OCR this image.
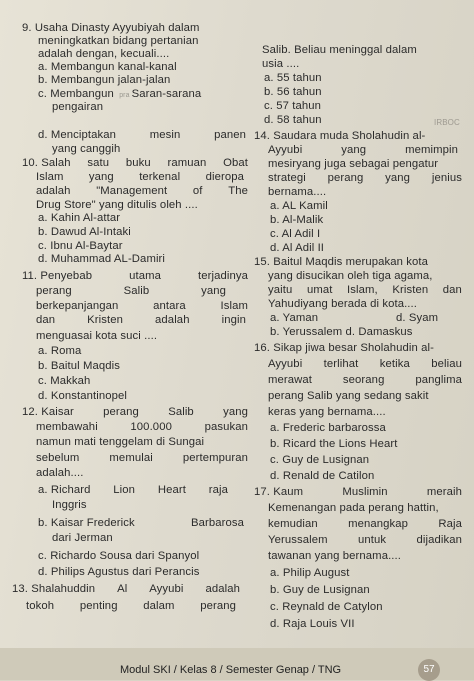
9. Usaha Dinasty Ayyubiyah dalam
meningkatkan bidang pertanian
adalah dengan, kecuali....
a. Membangun kanal-kanal
b. Membangun jalan-jalan
c. Membangun pra Saran-sarana
pengairan
d. Menciptakan	mesin	panen
yang canggih
10. Salah satu buku ramuan Obat
Islam yang terkenal dieropa
adalah "Management of The
Drug Store" yang ditulis oleh ....
a. Kahin Al-attar
b. Dawud Al-Intaki
c. Ibnu Al-Baytar
d. Muhammad AL-Damiri
11. Penyebab	utama	terjadinya
perang	Salib	yang
berkepanjangan	antara	Islam
dan	Kristen	adalah	ingin
menguasai kota suci ....
a. Roma
b. Baitul Maqdis
c. Makkah
d. Konstantinopel
12. Kaisar	perang	Salib	yang
membawahi	100.000	pasukan
namun mati tenggelam di Sungai
sebelum	memulai	pertempuran
adalah....
a. Richard Lion Heart raja
Inggris
b. Kaisar Frederick	Barbarosa
dari Jerman
c. Richardo Sousa dari Spanyol
d. Philips Agustus dari Perancis
13. Shalahuddin Al Ayyubi adalah
tokoh penting dalam perang
Salib. Beliau meninggal dalam
usia ....
a. 55 tahun
b. 56 tahun
c. 57 tahun
d. 58 tahun	IRBOC
14. Saudara muda Sholahudin al-
Ayyubi	yang	memimpin
mesiryang juga sebagai pengatur
strategi perang yang jenius
bernama....
a. AL Kamil
b. Al-Malik
c. Al Adil I
d. Al Adil II
15. Baitul Maqdis merupakan kota
yang disucikan oleh tiga agama,
yaitu umat Islam, Kristen dan
Yahudiyang berada di kota....
a. Yaman	d. Syam
b. Yerussalem d. Damaskus
16. Sikap jiwa besar Sholahudin al-
Ayyubi terlihat ketika beliau
merawat	seorang	panglima
perang Salib yang sedang sakit
keras yang bernama....
a. Frederic barbarossa
b. Ricard the Lions Heart
c. Guy de Lusignan
d. Renald de Catilon
17. Kaum	Muslimin	meraih
Kemenangan pada perang hattin,
kemudian	menangkap	Raja
Yerussalem	untuk	dijadikan
tawanan yang bernama....
a. Philip August
b. Guy de Lusignan
c. Reynald de Catylon
d. Raja Louis VII
Modul SKI / Kelas 8 / Semester Genap / TNG	57
